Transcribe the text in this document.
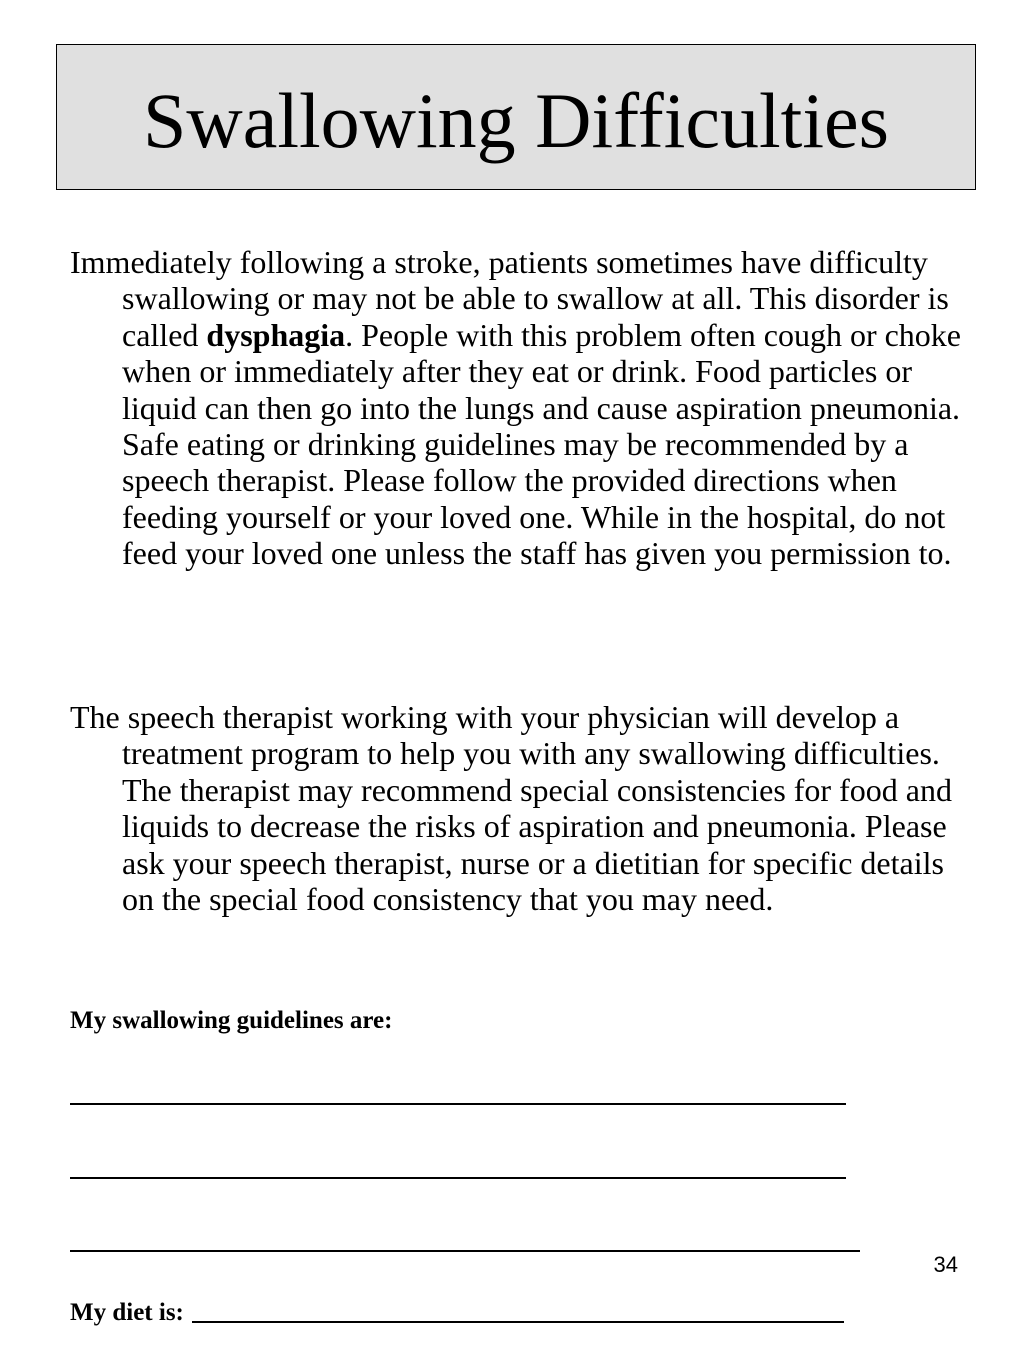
Swallowing Difficulties

Immediately following a stroke, patients sometimes have difficulty swallowing or may not be able to swallow at all. This disorder is called dysphagia. People with this problem often cough or choke when or immediately after they eat or drink. Food particles or liquid can then go into the lungs and cause aspiration pneumonia. Safe eating or drinking guidelines may be recommended by a speech therapist. Please follow the provided directions when feeding yourself or your loved one. While in the hospital, do not feed your loved one unless the staff has given you permission to.

The speech therapist working with your physician will develop a treatment program to help you with any swallowing difficulties. The therapist may recommend special consistencies for food and liquids to decrease the risks of aspiration and pneumonia. Please ask your speech therapist, nurse or a dietitian for specific details on the special food consistency that you may need.

My swallowing guidelines are:

34
My diet is:
